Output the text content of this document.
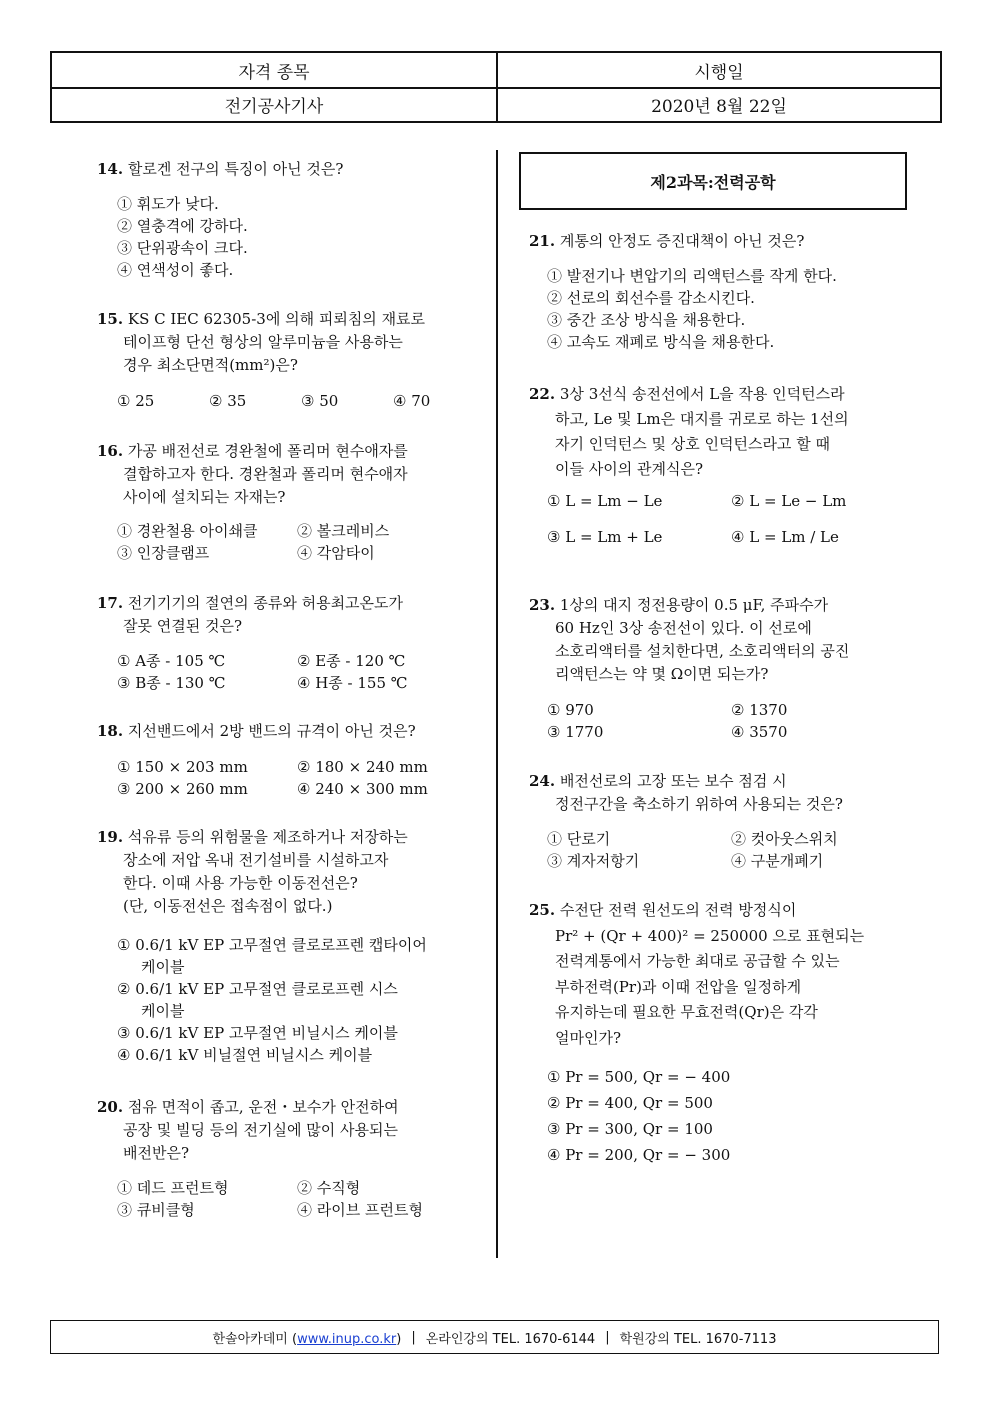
자격 종목	시행일
전기공사기사	2020년 8월 22일
14. 할로겐 전구의 특징이 아닌 것은?
① 휘도가 낮다.
② 열충격에 강하다.
③ 단위광속이 크다.
④ 연색성이 좋다.
15. KS C IEC 62305-3에 의해 피뢰침의 재료로
테이프형 단선 형상의 알루미늄을 사용하는
경우 최소단면적(mm²)은?
① 25	② 35	③ 50	④ 70
16. 가공 배전선로 경완철에 폴리머 현수애자를
결합하고자 한다. 경완철과 폴리머 현수애자
사이에 설치되는 자재는?
① 경완철용 아이쇄클	② 볼크레비스
③ 인장클램프	④ 각암타이
17. 전기기기의 절연의 종류와 허용최고온도가
잘못 연결된 것은?
① A종 - 105 ℃	② E종 - 120 ℃
③ B종 - 130 ℃	④ H종 - 155 ℃
18. 지선밴드에서 2방 밴드의 규격이 아닌 것은?
① 150 × 203 mm	② 180 × 240 mm
③ 200 × 260 mm	④ 240 × 300 mm
19. 석유류 등의 위험물을 제조하거나 저장하는
장소에 저압 옥내 전기설비를 시설하고자
한다. 이때 사용 가능한 이동전선은?
(단, 이동전선은 접속점이 없다.)
① 0.6/1 kV EP 고무절연 클로로프렌 캡타이어
케이블
② 0.6/1 kV EP 고무절연 클로로프렌 시스
케이블
③ 0.6/1 kV EP 고무절연 비닐시스 케이블
④ 0.6/1 kV 비닐절연 비닐시스 케이블
20. 점유 면적이 좁고, 운전・보수가 안전하여
공장 및 빌딩 등의 전기실에 많이 사용되는
배전반은?
① 데드 프런트형	② 수직형
③ 큐비클형	④ 라이브 프런트형
제2과목:전력공학
21. 계통의 안정도 증진대책이 아닌 것은?
① 발전기나 변압기의 리액턴스를 작게 한다.
② 선로의 회선수를 감소시킨다.
③ 중간 조상 방식을 채용한다.
④ 고속도 재폐로 방식을 채용한다.
22. 3상 3선식 송전선에서 L을 작용 인덕턴스라
하고, Le 및 Lm은 대지를 귀로로 하는 1선의
자기 인덕턴스 및 상호 인덕턴스라고 할 때
이들 사이의 관계식은?
① L = Lm − Le	② L = Le − Lm
③ L = Lm + Le	④ L = Lm / Le
23. 1상의 대지 정전용량이 0.5 μF, 주파수가
60 Hz인 3상 송전선이 있다. 이 선로에
소호리액터를 설치한다면, 소호리액터의 공진
리액턴스는 약 몇 Ω이면 되는가?
① 970	② 1370
③ 1770	④ 3570
24. 배전선로의 고장 또는 보수 점검 시
정전구간을 축소하기 위하여 사용되는 것은?
① 단로기	② 컷아웃스위치
③ 계자저항기	④ 구분개폐기
25. 수전단 전력 원선도의 전력 방정식이
Pr² + (Qr + 400)² = 250000 으로 표현되는
전력계통에서 가능한 최대로 공급할 수 있는
부하전력(Pr)과 이때 전압을 일정하게
유지하는데 필요한 무효전력(Qr)은 각각
얼마인가?
① Pr = 500, Qr = − 400
② Pr = 400, Qr = 500
③ Pr = 300, Qr = 100
④ Pr = 200, Qr = − 300
한솔아카데미 (www.inup.co.kr) | 온라인강의 TEL. 1670-6144 | 학원강의 TEL. 1670-7113
